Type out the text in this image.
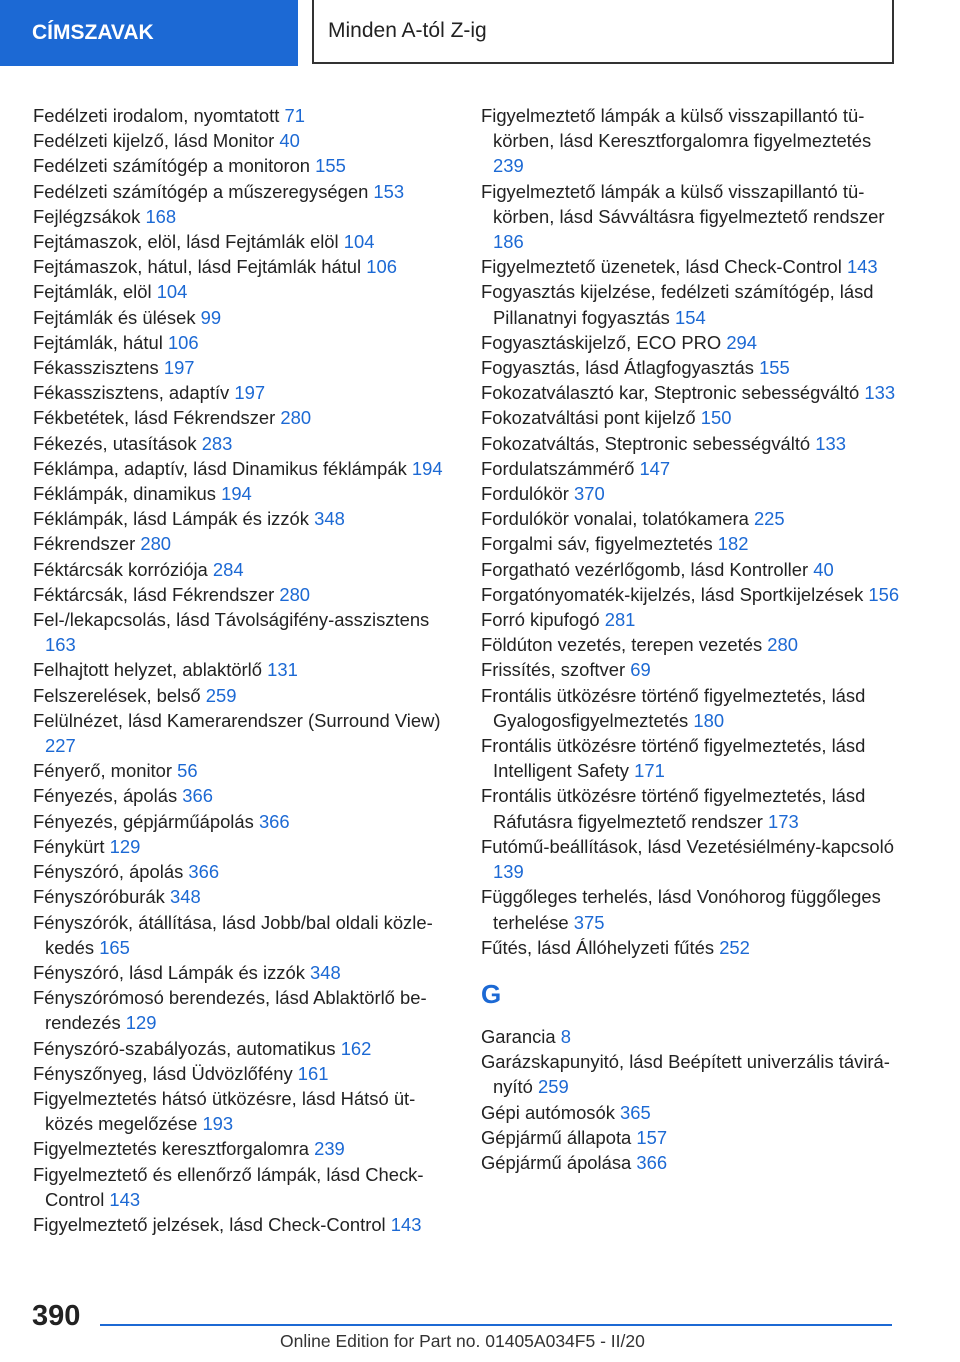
CÍMSZAVAK	Minden A-tól Z-ig
Fedélzeti irodalom, nyomtatott 71
Fedélzeti kijelző, lásd Monitor 40
Fedélzeti számítógép a monitoron 155
Fedélzeti számítógép a műszeregységen 153
Fejlégzsákok 168
Fejtámaszok, elöl, lásd Fejtámlák elöl 104
Fejtámaszok, hátul, lásd Fejtámlák hátul 106
Fejtámlák, elöl 104
Fejtámlák és ülések 99
Fejtámlák, hátul 106
Fékasszisztens 197
Fékasszisztens, adaptív 197
Fékbetétek, lásd Fékrendszer 280
Fékezés, utasítások 283
Féklámpa, adaptív, lásd Dinamikus féklámpák 194
Féklámpák, dinamikus 194
Féklámpák, lásd Lámpák és izzók 348
Fékrendszer 280
Féktárcsák korróziója 284
Féktárcsák, lásd Fékrendszer 280
Fel-/lekapcsolás, lásd Távolságifény-asszisztens 163
Felhajtott helyzet, ablaktörlő 131
Felszerelések, belső 259
Felülnézet, lásd Kamerarendszer (Surround View) 227
Fényerő, monitor 56
Fényezés, ápolás 366
Fényezés, gépjárműápolás 366
Fénykürt 129
Fényszóró, ápolás 366
Fényszóróburák 348
Fényszórók, átállítása, lásd Jobb/bal oldali közlekedés 165
Fényszóró, lásd Lámpák és izzók 348
Fényszórómosó berendezés, lásd Ablaktörlő berendezés 129
Fényszóró-szabályozás, automatikus 162
Fényszőnyeg, lásd Üdvözlőfény 161
Figyelmeztetés hátsó ütközésre, lásd Hátsó ütközés megelőzése 193
Figyelmeztetés keresztforgalomra 239
Figyelmeztető és ellenőrző lámpák, lásd Check-Control 143
Figyelmeztető jelzések, lásd Check-Control 143
Figyelmeztető lámpák a külső visszapillantó tükörben, lásd Keresztforgalomra figyelmeztetés 239
Figyelmeztető lámpák a külső visszapillantó tükörben, lásd Sávváltásra figyelmeztető rendszer 186
Figyelmeztető üzenetek, lásd Check-Control 143
Fogyasztás kijelzése, fedélzeti számítógép, lásd Pillanatnyi fogyasztás 154
Fogyasztáskijelző, ECO PRO 294
Fogyasztás, lásd Átlagfogyasztás 155
Fokozatválasztó kar, Steptronic sebességváltó 133
Fokozatváltási pont kijelző 150
Fokozatváltás, Steptronic sebességváltó 133
Fordulatszámmérő 147
Fordulókör 370
Fordulókör vonalai, tolatókamera 225
Forgalmi sáv, figyelmeztetés 182
Forgatható vezérlőgomb, lásd Kontroller 40
Forgatónyomaték-kijelzés, lásd Sportkijelzések 156
Forró kipufogó 281
Földúton vezetés, terepen vezetés 280
Frissítés, szoftver 69
Frontális ütközésre történő figyelmeztetés, lásd Gyalogosfigyelmeztetés 180
Frontális ütközésre történő figyelmeztetés, lásd Intelligent Safety 171
Frontális ütközésre történő figyelmeztetés, lásd Ráfutásra figyelmeztető rendszer 173
Futómű-beállítások, lásd Vezetésiélmény-kapcsoló 139
Függőleges terhelés, lásd Vonóhorog függőleges terhelése 375
Fűtés, lásd Állóhelyzeti fűtés 252
G
Garancia 8
Garázskapunyitó, lásd Beépített univerzális távirányító 259
Gépi autómosók 365
Gépjármű állapota 157
Gépjármű ápolása 366
390
Online Edition for Part no. 01405A034F5 - II/20
